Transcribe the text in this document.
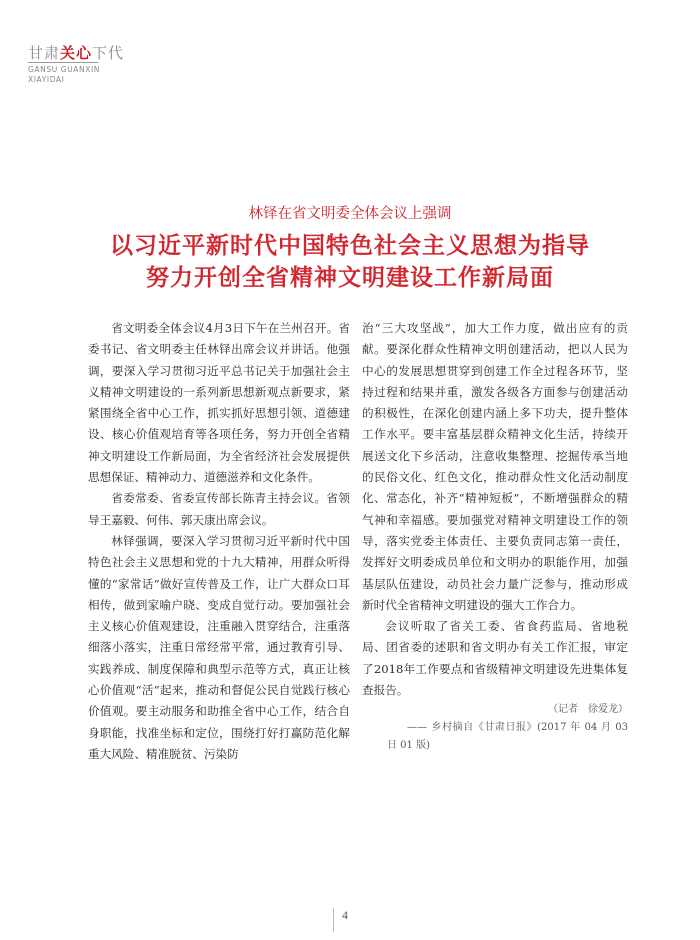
甘肃关心下代
GANSU GUANXIN
XIAYIDAI
林铎在省文明委全体会议上强调
以习近平新时代中国特色社会主义思想为指导
努力开创全省精神文明建设工作新局面

省文明委全体会议4月3日下午在兰州召开。省委书记、省文明委主任林铎出席会议并讲话。他强调，要深入学习贯彻习近平总书记关于加强社会主义精神文明建设的一系列新思想新观点新要求，紧紧围绕全省中心工作，抓实抓好思想引领、道德建设、核心价值观培育等各项任务，努力开创全省精神文明建设工作新局面，为全省经济社会发展提供思想保证、精神动力、道德滋养和文化条件。

省委常委、省委宣传部长陈青主持会议。省领导王嘉毅、何伟、郭天康出席会议。

林铎强调，要深入学习贯彻习近平新时代中国特色社会主义思想和党的十九大精神，用群众听得懂的“家常话”做好宣传普及工作，让广大群众口耳相传，做到家喻户晓、变成自觉行动。要加强社会主义核心价值观建设，注重融入贯穿结合，注重落细落小落实，注重日常经常平常，通过教育引导、实践养成、制度保障和典型示范等方式，真正让核心价值观“活”起来，推动和督促公民自觉践行核心价值观。要主动服务和助推全省中心工作，结合自身职能，找准坐标和定位，围绕打好打赢防范化解重大风险、精准脱贫、污染防

治“三大攻坚战”，加大工作力度，做出应有的贡献。要深化群众性精神文明创建活动，把以人民为中心的发展思想贯穿到创建工作全过程各环节，坚持过程和结果并重，激发各级各方面参与创建活动的积极性，在深化创建内涵上多下功夫，提升整体工作水平。要丰富基层群众精神文化生活，持续开展送文化下乡活动，注意收集整理、挖掘传承当地的民俗文化、红色文化，推动群众性文化活动制度化、常态化，补齐“精神短板”，不断增强群众的精气神和幸福感。要加强党对精神文明建设工作的领导，落实党委主体责任、主要负责同志第一责任，发挥好文明委成员单位和文明办的职能作用，加强基层队伍建设，动员社会力量广泛参与，推动形成新时代全省精神文明建设的强大工作合力。

会议听取了省关工委、省食药监局、省地税局、团省委的述职和省文明办有关工作汇报，审定了2018年工作要点和省级精神文明建设先进集体复查报告。

（记者　徐爱龙）

—— 乡村摘自《甘肃日报》(2017 年 04 月 03 日 01 版)

4
